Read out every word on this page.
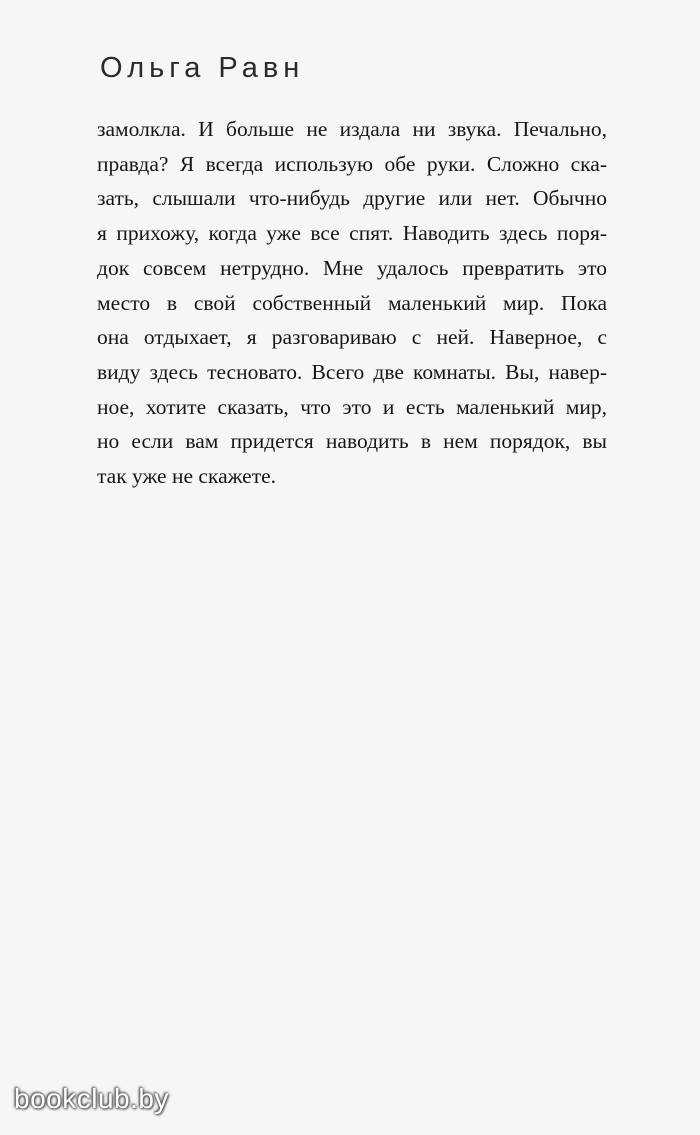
Ольга Равн
замолкла. И больше не издала ни звука. Печально,
правда? Я всегда использую обе руки. Сложно ска-
зать, слышали что-нибудь другие или нет. Обычно
я прихожу, когда уже все спят. Наводить здесь поря-
док совсем нетрудно. Мне удалось превратить это
место в свой собственный маленький мир. Пока
она отдыхает, я разговариваю с ней. Наверное, с
виду здесь тесновато. Всего две комнаты. Вы, навер-
ное, хотите сказать, что это и есть маленький мир,
но если вам придется наводить в нем порядок, вы
так уже не скажете.
bookclub.by
